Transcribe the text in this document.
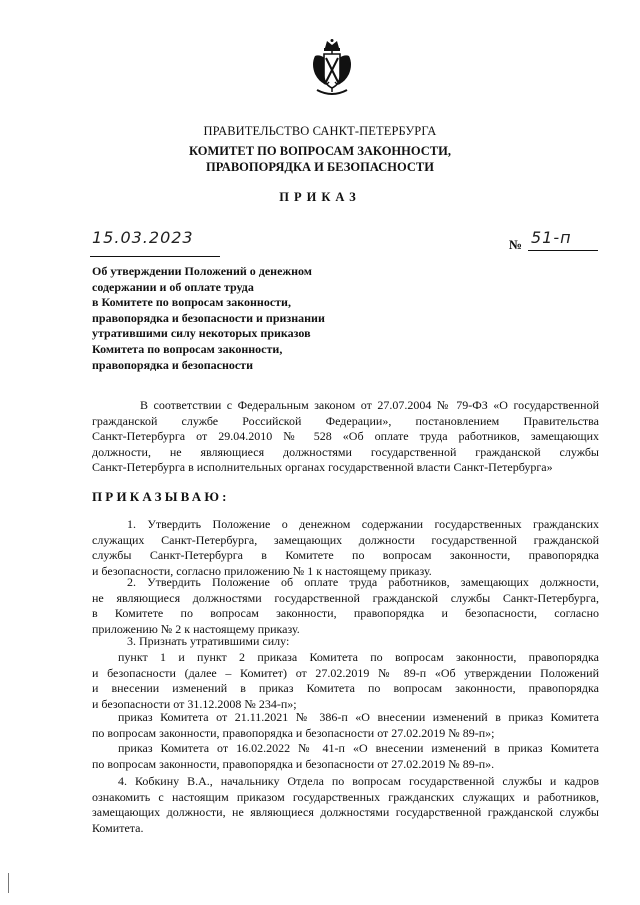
ПРАВИТЕЛЬСТВО САНКТ-ПЕТЕРБУРГА
КОМИТЕТ ПО ВОПРОСАМ ЗАКОННОСТИ,
ПРАВОПОРЯДКА И БЕЗОПАСНОСТИ
ПРИКАЗ
15.03.2023	№ 51-п
Об утверждении Положений о денежном
содержании и об оплате труда
в Комитете по вопросам законности,
правопорядка и безопасности и признании
утратившими силу некоторых приказов
Комитета по вопросам законности,
правопорядка и безопасности
В соответствии с Федеральным законом от 27.07.2004 № 79-ФЗ «О государственной
гражданской службе Российской Федерации», постановлением Правительства
Санкт-Петербурга от 29.04.2010 № 528 «Об оплате труда работников, замещающих
должности, не являющиеся должностями государственной гражданской службы
Санкт-Петербурга в исполнительных органах государственной власти Санкт-Петербурга»
ПРИКАЗЫВАЮ:
1. Утвердить Положение о денежном содержании государственных гражданских
служащих Санкт-Петербурга, замещающих должности государственной гражданской
службы Санкт-Петербурга в Комитете по вопросам законности, правопорядка
и безопасности, согласно приложению № 1 к настоящему приказу.
2. Утвердить Положение об оплате труда работников, замещающих должности,
не являющиеся должностями государственной гражданской службы Санкт-Петербурга,
в Комитете по вопросам законности, правопорядка и безопасности, согласно
приложению № 2 к настоящему приказу.
3. Признать утратившими силу:
пункт 1 и пункт 2 приказа Комитета по вопросам законности, правопорядка
и безопасности (далее – Комитет) от 27.02.2019 № 89-п «Об утверждении Положений
и внесении изменений в приказ Комитета по вопросам законности, правопорядка
и безопасности от 31.12.2008 № 234-п»;
приказ Комитета от 21.11.2021 № 386-п «О внесении изменений в приказ Комитета
по вопросам законности, правопорядка и безопасности от 27.02.2019 № 89-п»;
приказ Комитета от 16.02.2022 № 41-п «О внесении изменений в приказ Комитета
по вопросам законности, правопорядка и безопасности от 27.02.2019 № 89-п».
4. Кобкину В.А., начальнику Отдела по вопросам государственной службы и кадров
ознакомить с настоящим приказом государственных гражданских служащих и работников,
замещающих должности, не являющиеся должностями государственной гражданской службы
Комитета.
